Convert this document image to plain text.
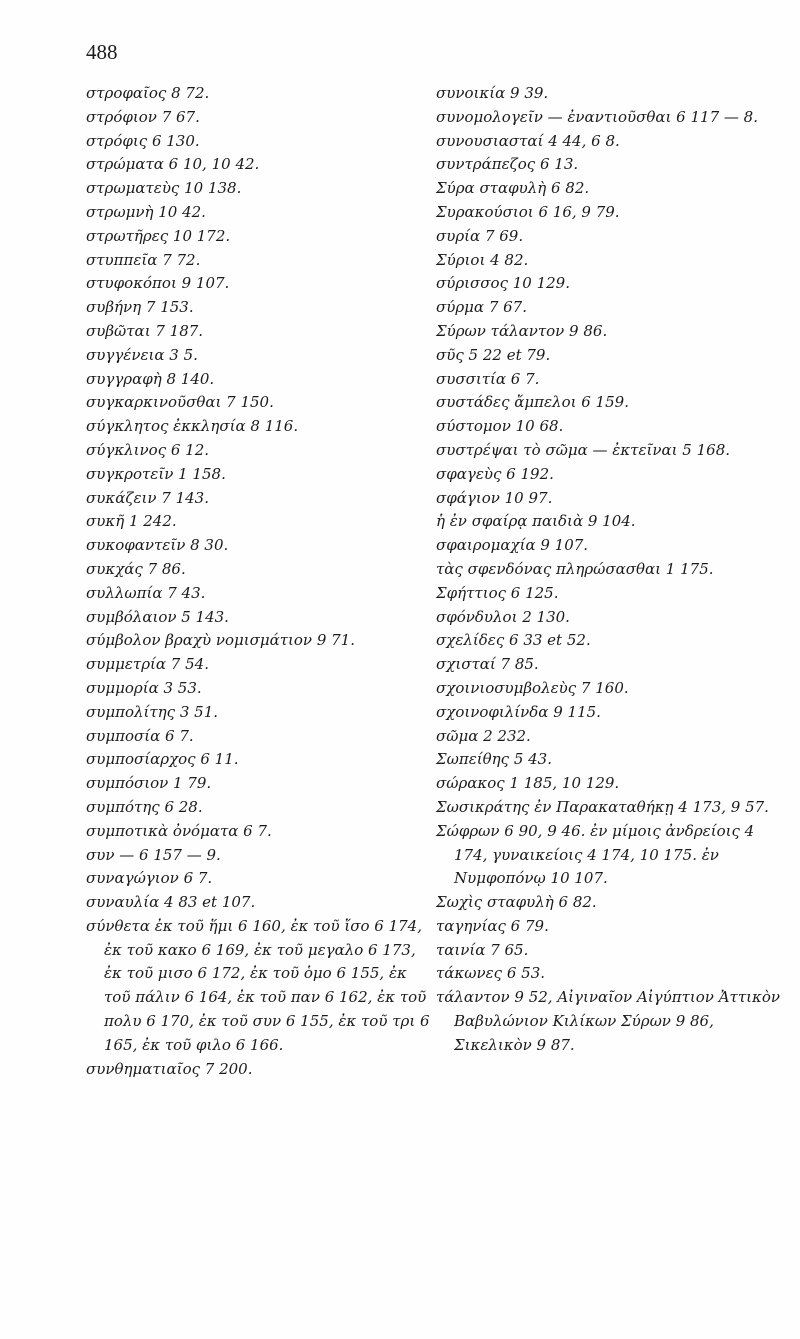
488

στροφαῖος 8 72.

στρόφιον 7 67.

στρόφις 6 130.

στρώματα 6 10, 10 42.

στρωματεὺς 10 138.

στρωμνὴ 10 42.

στρωτῆρες 10 172.

στυππεῖα 7 72.

στυφοκόποι 9 107.

συβήνη 7 153.

συβῶται 7 187.

συγγένεια 3 5.

συγγραφὴ 8 140.

συγκαρκινοῦσθαι 7 150.

σύγκλητος ἐκκλησία 8 116.

σύγκλινος 6 12.

συγκροτεῖν 1 158.

συκάζειν 7 143.

συκῆ 1 242.

συκοφαντεῖν 8 30.

συκχάς 7 86.

συλλωπία 7 43.

συμβόλαιον 5 143.

σύμβολον βραχὺ νομισμάτιον 9 71.

συμμετρία 7 54.

συμμορία 3 53.

συμπολίτης 3 51.

συμποσία 6 7.

συμποσίαρχος 6 11.

συμπόσιον 1 79.

συμπότης 6 28.

συμποτικὰ ὀνόματα 6 7.

συν — 6 157 — 9.

συναγώγιον 6 7.

συναυλία 4 83 et 107.

σύνθετα ἐκ τοῦ ἥμι 6 160, ἐκ τοῦ ἴσο 6 174, ἐκ τοῦ κακο 6 169, ἐκ τοῦ μεγαλο 6 173, ἐκ τοῦ μισο 6 172, ἐκ τοῦ ὁμο 6 155, ἐκ τοῦ πάλιν 6 164, ἐκ τοῦ παν 6 162, ἐκ τοῦ πολυ 6 170, ἐκ τοῦ συν 6 155, ἐκ τοῦ τρι 6 165, ἐκ τοῦ φιλο 6 166.

συνθηματιαῖος 7 200.

συνοικία 9 39.

συνομολογεῖν — ἐναντιοῦσθαι 6 117 — 8.

συνουσιασταί 4 44, 6 8.

συντράπεζος 6 13.

Σύρα σταφυλὴ 6 82.

Συρακούσιοι 6 16, 9 79.

συρία 7 69.

Σύριοι 4 82.

σύρισσος 10 129.

σύρμα 7 67.

Σύρων τάλαντον 9 86.

σῦς 5 22 et 79.

συσσιτία 6 7.

συστάδες ἄμπελοι 6 159.

σύστομον 10 68.

συστρέψαι τὸ σῶμα — ἐκτεῖναι 5 168.

σφαγεὺς 6 192.

σφάγιον 10 97.

ἡ ἐν σφαίρᾳ παιδιὰ 9 104.

σφαιρομαχία 9 107.

τὰς σφενδόνας πληρώσασθαι 1 175.

Σφήττιος 6 125.

σφόνδυλοι 2 130.

σχελίδες 6 33 et 52.

σχισταί 7 85.

σχοινιοσυμβολεὺς 7 160.

σχοινοφιλίνδα 9 115.

σῶμα 2 232.

Σωπείθης 5 43.

σώρακος 1 185, 10 129.

Σωσικράτης ἐν Παρακαταθήκῃ 4 173, 9 57.

Σώφρων 6 90, 9 46. ἐν μίμοις ἀνδρείοις 4 174, γυναικείοις 4 174, 10 175. ἐν Νυμφοπόνῳ 10 107.

Σωχὶς σταφυλὴ 6 82.

ταγηνίας 6 79.

ταινία 7 65.

τάκωνες 6 53.

τάλαντον 9 52, Αἰγιναῖον Αἰγύπτιον Ἀττικὸν Βαβυλώνιον Κιλίκων Σύρων 9 86, Σικελικὸν 9 87.
